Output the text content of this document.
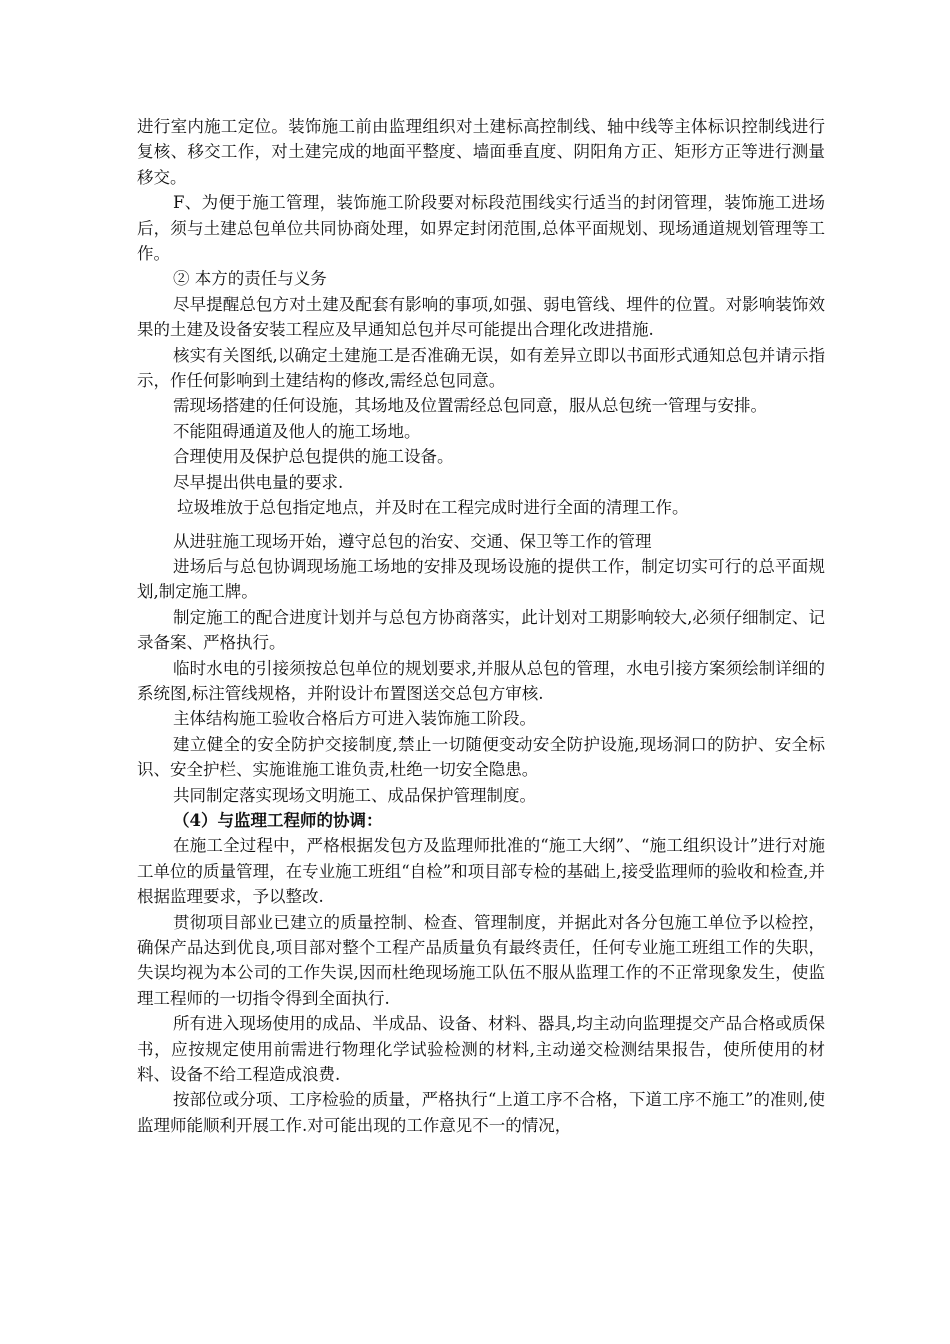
进行室内施工定位。装饰施工前由监理组织对土建标高控制线、轴中线等主体标识控制线进行复核、移交工作，对土建完成的地面平整度、墙面垂直度、阴阳角方正、矩形方正等进行测量移交。

F、为便于施工管理，装饰施工阶段要对标段范围线实行适当的封闭管理，装饰施工进场后，须与土建总包单位共同协商处理，如界定封闭范围,总体平面规划、现场通道规划管理等工作。

② 本方的责任与义务

尽早提醒总包方对土建及配套有影响的事项,如强、弱电管线、埋件的位置。对影响装饰效果的土建及设备安装工程应及早通知总包并尽可能提出合理化改进措施.

核实有关图纸,以确定土建施工是否准确无误，如有差异立即以书面形式通知总包并请示指示，作任何影响到土建结构的修改,需经总包同意。

需现场搭建的任何设施，其场地及位置需经总包同意，服从总包统一管理与安排。

不能阻碍通道及他人的施工场地。

合理使用及保护总包提供的施工设备。

尽早提出供电量的要求.

垃圾堆放于总包指定地点，并及时在工程完成时进行全面的清理工作。

从进驻施工现场开始，遵守总包的治安、交通、保卫等工作的管理

进场后与总包协调现场施工场地的安排及现场设施的提供工作，制定切实可行的总平面规划,制定施工牌。

制定施工的配合进度计划并与总包方协商落实，此计划对工期影响较大,必须仔细制定、记录备案、严格执行。

临时水电的引接须按总包单位的规划要求,并服从总包的管理，水电引接方案须绘制详细的系统图,标注管线规格，并附设计布置图送交总包方审核.

主体结构施工验收合格后方可进入装饰施工阶段。

建立健全的安全防护交接制度,禁止一切随便变动安全防护设施,现场洞口的防护、安全标识、安全护栏、实施谁施工谁负责,杜绝一切安全隐患。

共同制定落实现场文明施工、成品保护管理制度。

（4）与监理工程师的协调：

在施工全过程中，严格根据发包方及监理师批准的“施工大纲”、“施工组织设计”进行对施工单位的质量管理，在专业施工班组“自检”和项目部专检的基础上,接受监理师的验收和检查,并根据监理要求，予以整改.

贯彻项目部业已建立的质量控制、检查、管理制度，并据此对各分包施工单位予以检控，确保产品达到优良,项目部对整个工程产品质量负有最终责任，任何专业施工班组工作的失职，失误均视为本公司的工作失误,因而杜绝现场施工队伍不服从监理工作的不正常现象发生，使监理工程师的一切指令得到全面执行.

所有进入现场使用的成品、半成品、设备、材料、器具,均主动向监理提交产品合格或质保书，应按规定使用前需进行物理化学试验检测的材料,主动递交检测结果报告，使所使用的材料、设备不给工程造成浪费.

按部位或分项、工序检验的质量，严格执行“上道工序不合格，下道工序不施工”的准则,使监理师能顺利开展工作.对可能出现的工作意见不一的情况，
